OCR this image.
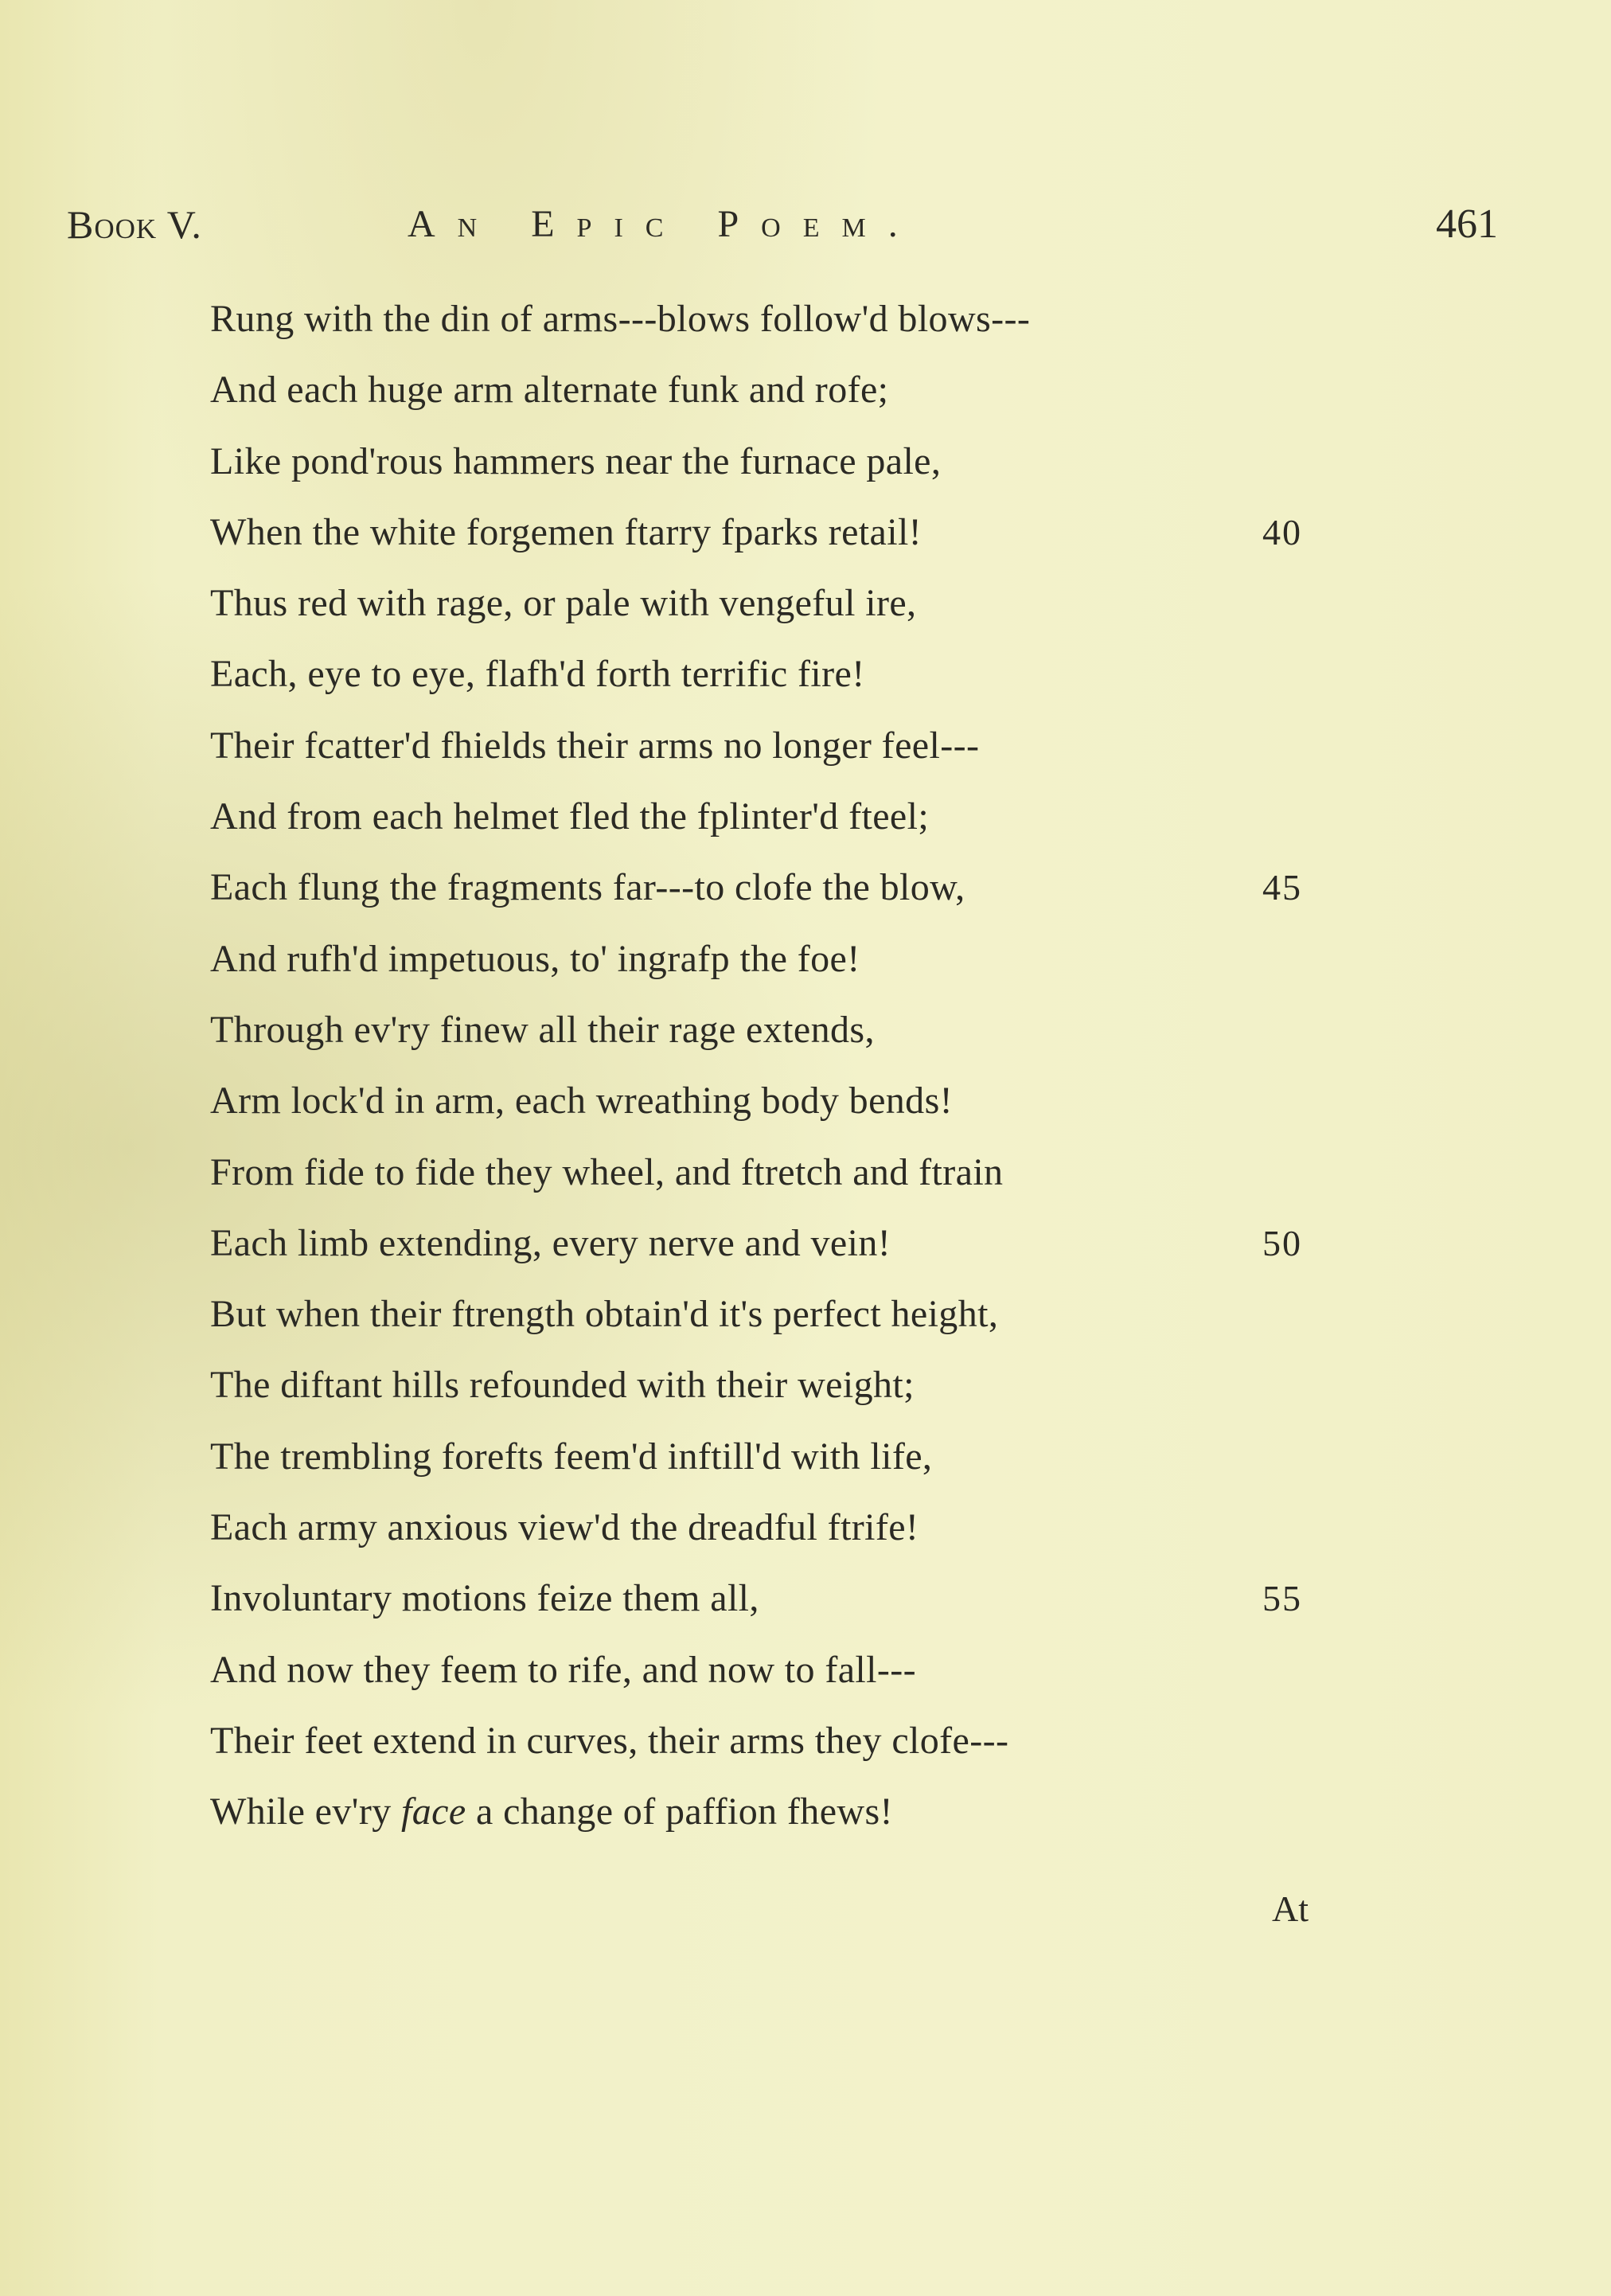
Book V.	An Epic Poem.	461
Rung with the din of arms---blows follow'd blows---
And each huge arm alternate funk and rofe;
Like pond'rous hammers near the furnace pale,
When the white forgemen ftarry fparks retail!	40
Thus red with rage, or pale with vengeful ire,
Each, eye to eye, flafh'd forth terrific fire!
Their fcatter'd fhields their arms no longer feel---
And from each helmet fled the fplinter'd fteel;
Each flung the fragments far---to clofe the blow,	45
And rufh'd impetuous, to' ingrafp the foe!
Through ev'ry finew all their rage extends,
Arm lock'd in arm, each wreathing body bends!
From fide to fide they wheel, and ftretch and ftrain
Each limb extending, every nerve and vein!	50
But when their ftrength obtain'd it's perfect height,
The diftant hills refounded with their weight;
The trembling forefts feem'd inftill'd with life,
Each army anxious view'd the dreadful ftrife!
Involuntary motions feize them all,	55
And now they feem to rife, and now to fall---
Their feet extend in curves, their arms they clofe---
While ev'ry face a change of paffion fhews!
At
